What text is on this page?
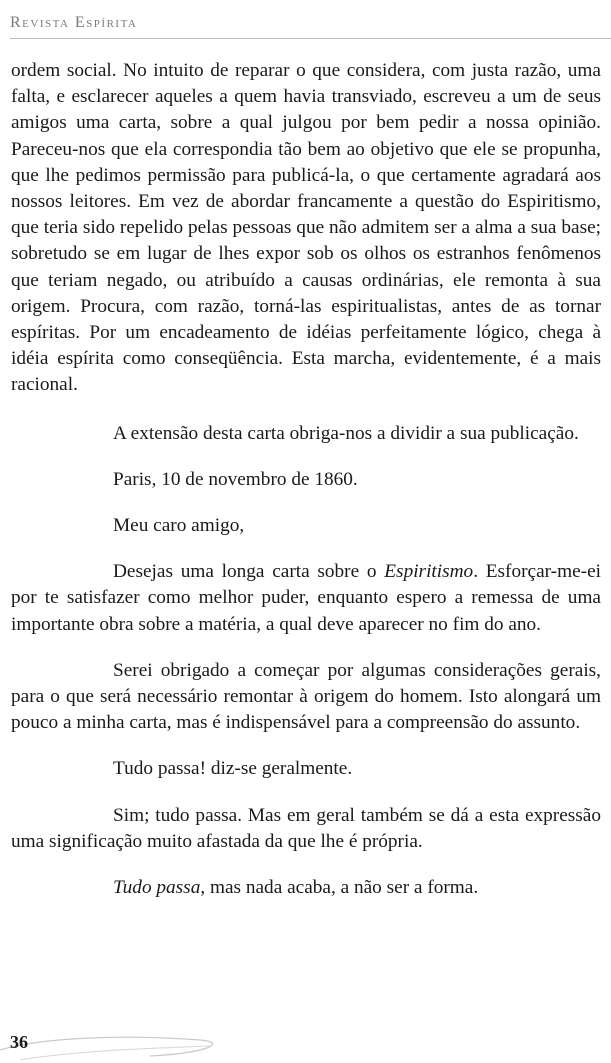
Revista Espírita

ordem social. No intuito de reparar o que considera, com justa razão, uma falta, e esclarecer aqueles a quem havia transviado, escreveu a um de seus amigos uma carta, sobre a qual julgou por bem pedir a nossa opinião. Pareceu-nos que ela correspondia tão bem ao objetivo que ele se propunha, que lhe pedimos permissão para publicá-la, o que certamente agradará aos nossos leitores. Em vez de abordar francamente a questão do Espiritismo, que teria sido repelido pelas pessoas que não admitem ser a alma a sua base; sobretudo se em lugar de lhes expor sob os olhos os estranhos fenômenos que teriam negado, ou atribuído a causas ordinárias, ele remonta à sua origem. Procura, com razão, torná-las espiritualistas, antes de as tornar espíritas. Por um encadeamento de idéias perfeitamente lógico, chega à idéia espírita como conseqüência. Esta marcha, evidentemente, é a mais racional.

A extensão desta carta obriga-nos a dividir a sua publicação.

Paris, 10 de novembro de 1860.

Meu caro amigo,

Desejas uma longa carta sobre o Espiritismo. Esforçar-me-ei por te satisfazer como melhor puder, enquanto espero a remessa de uma importante obra sobre a matéria, a qual deve aparecer no fim do ano.

Serei obrigado a começar por algumas considerações gerais, para o que será necessário remontar à origem do homem. Isto alongará um pouco a minha carta, mas é indispensável para a compreensão do assunto.

Tudo passa! diz-se geralmente.

Sim; tudo passa. Mas em geral também se dá a esta expressão uma significação muito afastada da que lhe é própria.

Tudo passa, mas nada acaba, a não ser a forma.

36
